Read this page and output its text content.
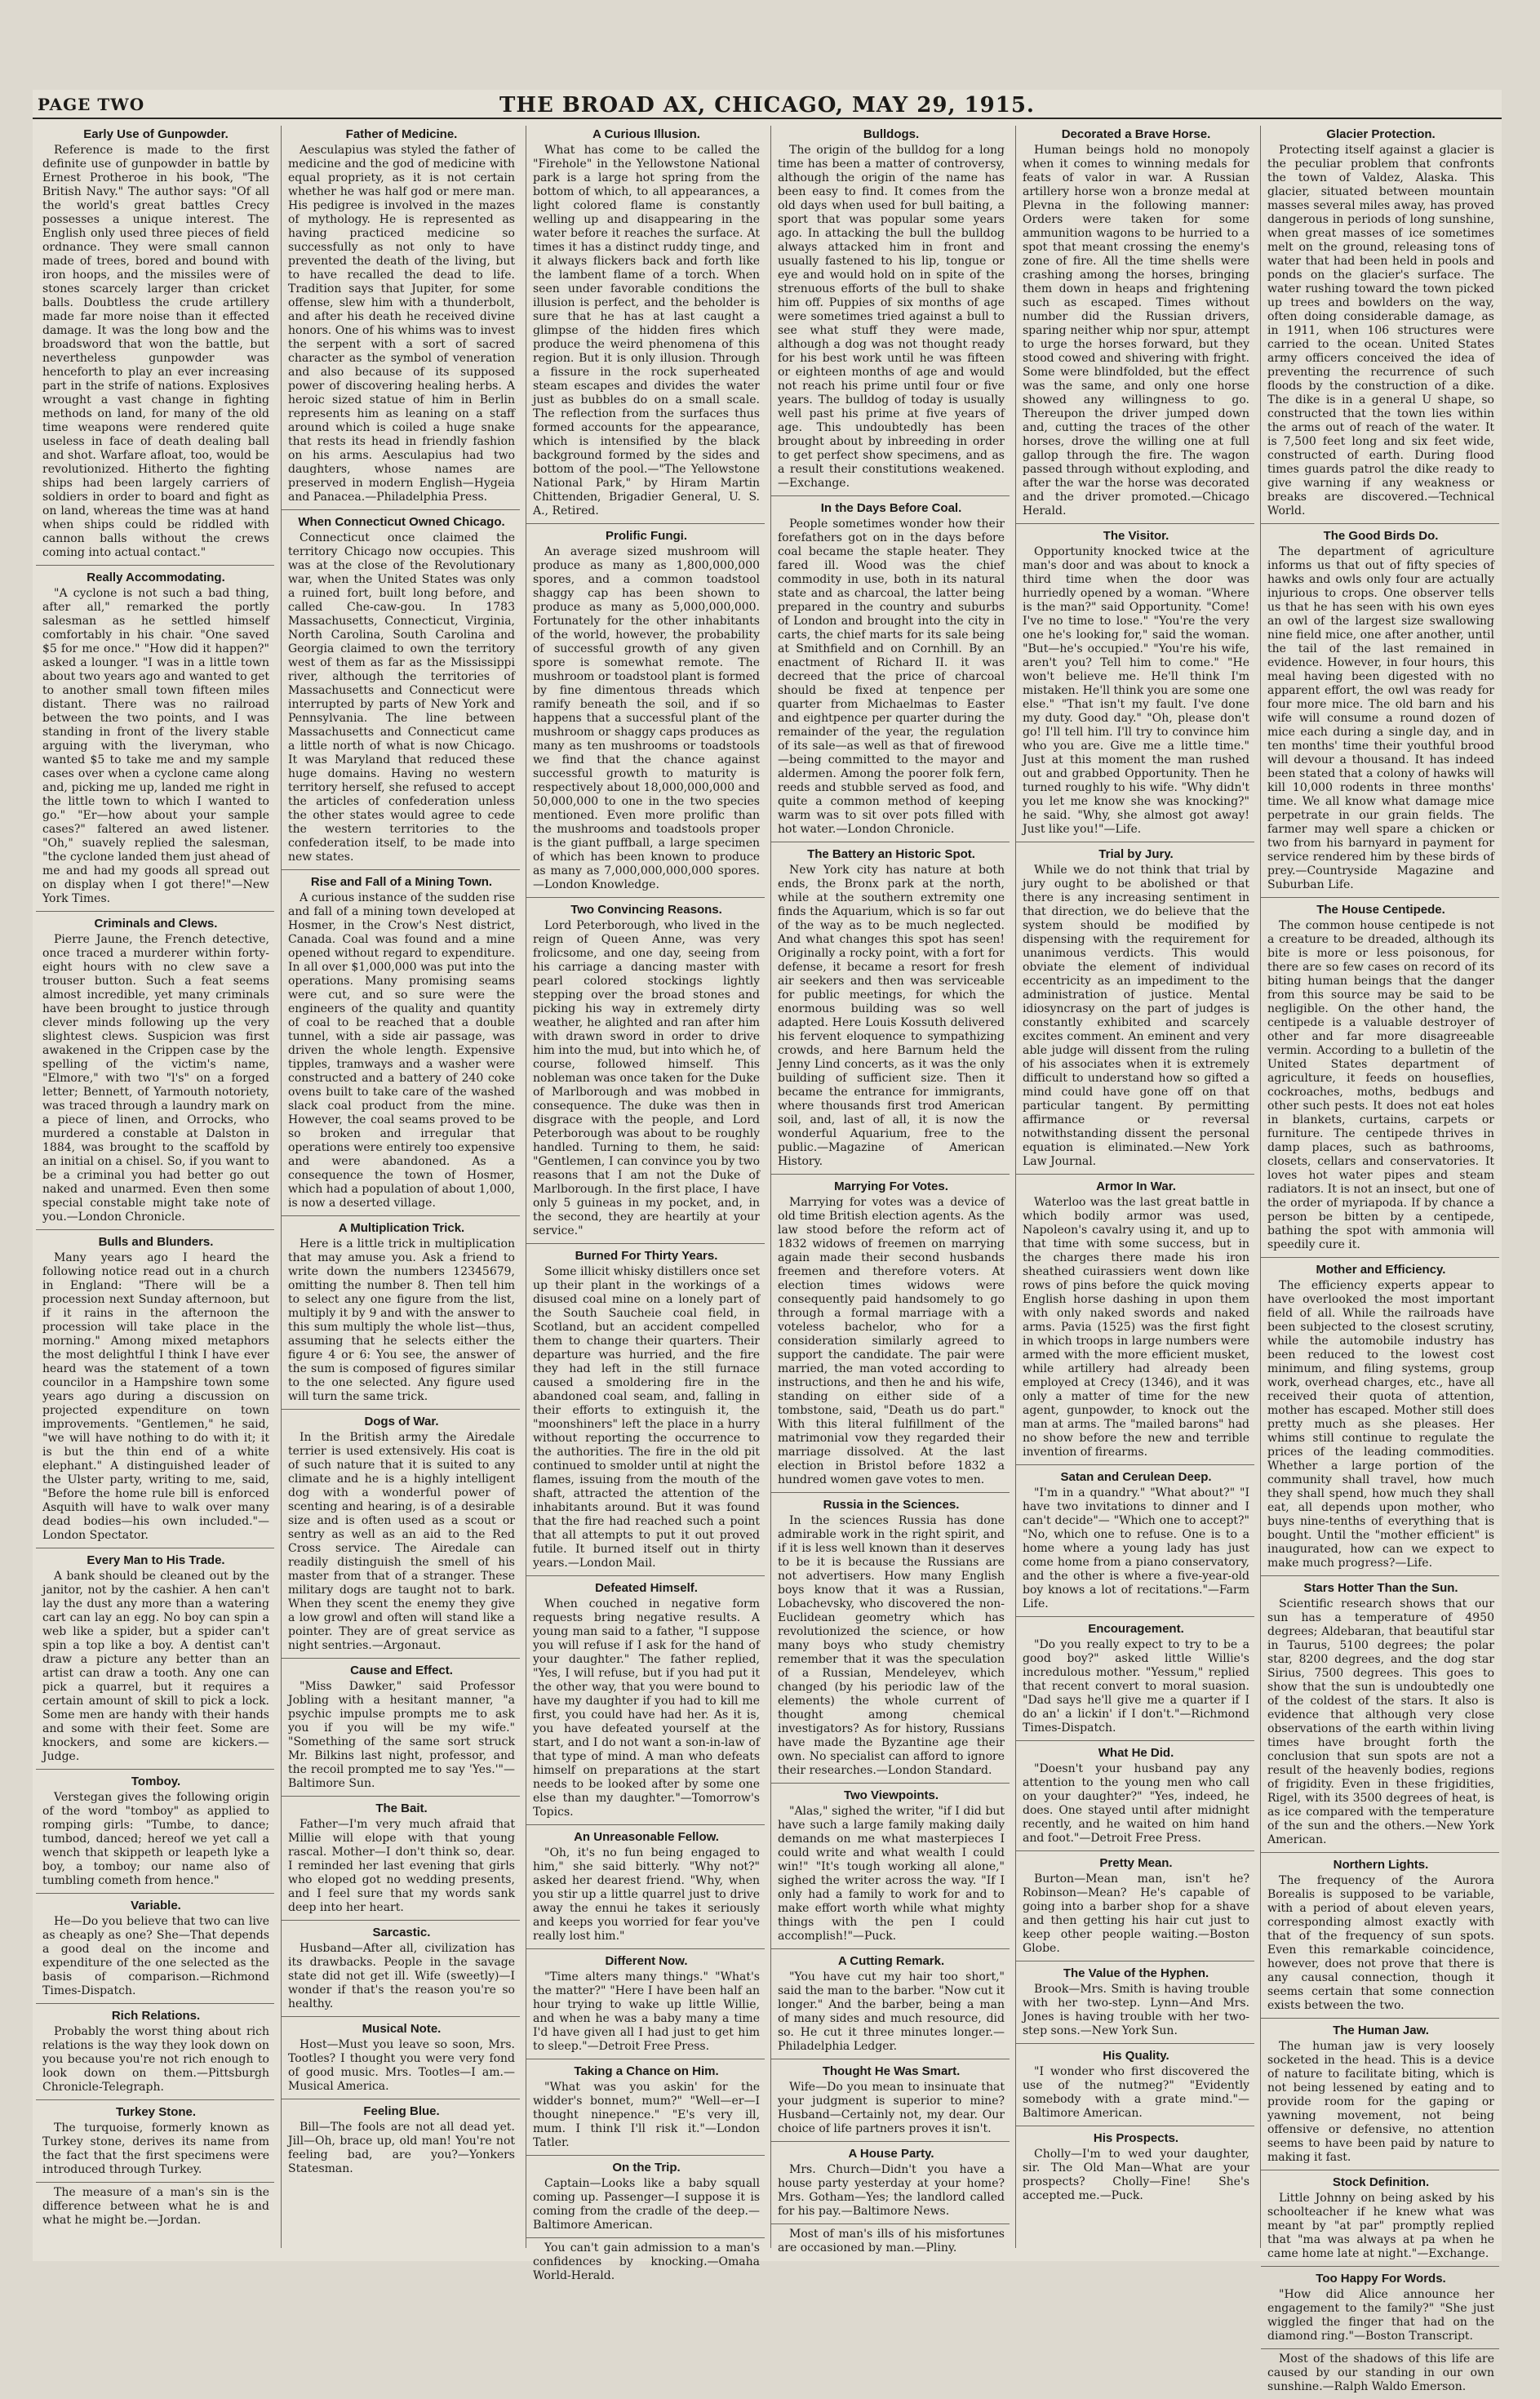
PAGE TWO	THE BROAD AX, CHICAGO, MAY 29, 1915.
Early Use of Gunpowder.

Reference is made to the first definite use of gunpowder in battle by Ernest Protheroe in his book, "The British Navy." The author says: "Of all the world's great battles Crecy possesses a unique interest. The English only used three pieces of field ordnance. They were small cannon made of trees, bored and bound with iron hoops, and the missiles were of stones scarcely larger than cricket balls. Doubtless the crude artillery made far more noise than it effected damage. It was the long bow and the broadsword that won the battle, but nevertheless gunpowder was henceforth to play an ever increasing part in the strife of nations. Explosives wrought a vast change in fighting methods on land, for many of the old time weapons were rendered quite useless in face of death dealing ball and shot. Warfare afloat, too, would be revolutionized. Hitherto the fighting ships had been largely carriers of soldiers in order to board and fight as on land, whereas the time was at hand when ships could be riddled with cannon balls without the crews coming into actual contact."

Really Accommodating.

"A cyclone is not such a bad thing, after all," remarked the portly salesman as he settled himself comfortably in his chair. "One saved $5 for me once." "How did it happen?" asked a lounger. "I was in a little town about two years ago and wanted to get to another small town fifteen miles distant. There was no railroad between the two points, and I was standing in front of the livery stable arguing with the liveryman, who wanted $5 to take me and my sample cases over when a cyclone came along and, picking me up, landed me right in the little town to which I wanted to go." "Er—how about your sample cases?" faltered an awed listener. "Oh," suavely replied the salesman, "the cyclone landed them just ahead of me and had my goods all spread out on display when I got there!"—New York Times.

Criminals and Clews.

Pierre Jaune, the French detective, once traced a murderer within forty-eight hours with no clew save a trouser button. Such a feat seems almost incredible, yet many criminals have been brought to justice through clever minds following up the very slightest clews. Suspicion was first awakened in the Crippen case by the spelling of the victim's name, "Elmore," with two "l's" on a forged letter; Bennett, of Yarmouth notoriety, was traced through a laundry mark on a piece of linen, and Orrocks, who murdered a constable at Dalston in 1884, was brought to the scaffold by an initial on a chisel. So, if you want to be a criminal you had better go out naked and unarmed. Even then some special constable might take note of you.—London Chronicle.

Bulls and Blunders.

Many years ago I heard the following notice read out in a church in England: "There will be a procession next Sunday afternoon, but if it rains in the afternoon the procession will take place in the morning." Among mixed metaphors the most delightful I think I have ever heard was the statement of a town councilor in a Hampshire town some years ago during a discussion on projected expenditure on town improvements. "Gentlemen," he said, "we will have nothing to do with it; it is but the thin end of a white elephant." A distinguished leader of the Ulster party, writing to me, said, "Before the home rule bill is enforced Asquith will have to walk over many dead bodies—his own included."—London Spectator.

Every Man to His Trade.

A bank should be cleaned out by the janitor, not by the cashier. A hen can't lay the dust any more than a watering cart can lay an egg. No boy can spin a web like a spider, but a spider can't spin a top like a boy. A dentist can't draw a picture any better than an artist can draw a tooth. Any one can pick a quarrel, but it requires a certain amount of skill to pick a lock. Some men are handy with their hands and some with their feet. Some are knockers, and some are kickers.—Judge.

Tomboy.

Verstegan gives the following origin of the word "tomboy" as applied to romping girls: "Tumbe, to dance; tumbod, danced; hereof we yet call a wench that skippeth or leapeth lyke a boy, a tomboy; our name also of tumbling cometh from hence."

Variable.

He—Do you believe that two can live as cheaply as one? She—That depends a good deal on the income and expenditure of the one selected as the basis of comparison.—Richmond Times-Dispatch.

Rich Relations.

Probably the worst thing about rich relations is the way they look down on you because you're not rich enough to look down on them.—Pittsburgh Chronicle-Telegraph.

Turkey Stone.

The turquoise, formerly known as Turkey stone, derives its name from the fact that the first specimens were introduced through Turkey.

The measure of a man's sin is the difference between what he is and what he might be.—Jordan.

Father of Medicine.

Aesculapius was styled the father of medicine and the god of medicine with equal propriety, as it is not certain whether he was half god or mere man. His pedigree is involved in the mazes of mythology. He is represented as having practiced medicine so successfully as not only to have prevented the death of the living, but to have recalled the dead to life. Tradition says that Jupiter, for some offense, slew him with a thunderbolt, and after his death he received divine honors. One of his whims was to invest the serpent with a sort of sacred character as the symbol of veneration and also because of its supposed power of discovering healing herbs. A heroic sized statue of him in Berlin represents him as leaning on a staff around which is coiled a huge snake that rests its head in friendly fashion on his arms. Aesculapius had two daughters, whose names are preserved in modern English—Hygeia and Panacea.—Philadelphia Press.

When Connecticut Owned Chicago.

Connecticut once claimed the territory Chicago now occupies. This was at the close of the Revolutionary war, when the United States was only a ruined fort, built long before, and called Che-caw-gou. In 1783 Massachusetts, Connecticut, Virginia, North Carolina, South Carolina and Georgia claimed to own the territory west of them as far as the Mississippi river, although the territories of Massachusetts and Connecticut were interrupted by parts of New York and Pennsylvania. The line between Massachusetts and Connecticut came a little north of what is now Chicago. It was Maryland that reduced these huge domains. Having no western territory herself, she refused to accept the articles of confederation unless the other states would agree to cede the western territories to the confederation itself, to be made into new states.

Rise and Fall of a Mining Town.

A curious instance of the sudden rise and fall of a mining town developed at Hosmer, in the Crow's Nest district, Canada. Coal was found and a mine opened without regard to expenditure. In all over $1,000,000 was put into the operations. Many promising seams were cut, and so sure were the engineers of the quality and quantity of coal to be reached that a double tunnel, with a side air passage, was driven the whole length. Expensive tipples, tramways and a washer were constructed and a battery of 240 coke ovens built to take care of the washed slack coal product from the mine. However, the coal seams proved to be so broken and irregular that operations were entirely too expensive and were abandoned. As a consequence the town of Hosmer, which had a population of about 1,000, is now a deserted village.

A Multiplication Trick.

Here is a little trick in multiplication that may amuse you. Ask a friend to write down the numbers 12345679, omitting the number 8. Then tell him to select any one figure from the list, multiply it by 9 and with the answer to this sum multiply the whole list—thus, assuming that he selects either the figure 4 or 6: You see, the answer of the sum is composed of figures similar to the one selected. Any figure used will turn the same trick.

Dogs of War.

In the British army the Airedale terrier is used extensively. His coat is of such nature that it is suited to any climate and he is a highly intelligent dog with a wonderful power of scenting and hearing, is of a desirable size and is often used as a scout or sentry as well as an aid to the Red Cross service. The Airedale can readily distinguish the smell of his master from that of a stranger. These military dogs are taught not to bark. When they scent the enemy they give a low growl and often will stand like a pointer. They are of great service as night sentries.—Argonaut.

Cause and Effect.

"Miss Dawker," said Professor Jobling with a hesitant manner, "a psychic impulse prompts me to ask you if you will be my wife." "Something of the same sort struck Mr. Bilkins last night, professor, and the recoil prompted me to say 'Yes.'"—Baltimore Sun.

The Bait.

Father—I'm very much afraid that Millie will elope with that young rascal. Mother—I don't think so, dear. I reminded her last evening that girls who eloped got no wedding presents, and I feel sure that my words sank deep into her heart.

Sarcastic.

Husband—After all, civilization has its drawbacks. People in the savage state did not get ill. Wife (sweetly)—I wonder if that's the reason you're so healthy.

Musical Note.

Host—Must you leave so soon, Mrs. Tootles? I thought you were very fond of good music. Mrs. Tootles—I am.—Musical America.

Feeling Blue.

Bill—The fools are not all dead yet. Jill—Oh, brace up, old man! You're not feeling bad, are you?—Yonkers Statesman.

A Curious Illusion.

What has come to be called the "Firehole" in the Yellowstone National park is a large hot spring from the bottom of which, to all appearances, a light colored flame is constantly welling up and disappearing in the water before it reaches the surface. At times it has a distinct ruddy tinge, and it always flickers back and forth like the lambent flame of a torch. When seen under favorable conditions the illusion is perfect, and the beholder is sure that he has at last caught a glimpse of the hidden fires which produce the weird phenomena of this region. But it is only illusion. Through a fissure in the rock superheated steam escapes and divides the water just as bubbles do on a small scale. The reflection from the surfaces thus formed accounts for the appearance, which is intensified by the black background formed by the sides and bottom of the pool.—"The Yellowstone National Park," by Hiram Martin Chittenden, Brigadier General, U. S. A., Retired.

Prolific Fungi.

An average sized mushroom will produce as many as 1,800,000,000 spores, and a common toadstool shaggy cap has been shown to produce as many as 5,000,000,000. Fortunately for the other inhabitants of the world, however, the probability of successful growth of any given spore is somewhat remote. The mushroom or toadstool plant is formed by fine dimentous threads which ramify beneath the soil, and if so happens that a successful plant of the mushroom or shaggy caps produces as many as ten mushrooms or toadstools we find that the chance against successful growth to maturity is respectively about 18,000,000,000 and 50,000,000 to one in the two species mentioned. Even more prolific than the mushrooms and toadstools proper is the giant puffball, a large specimen of which has been known to produce as many as 7,000,000,000,000 spores.—London Knowledge.

Two Convincing Reasons.

Lord Peterborough, who lived in the reign of Queen Anne, was very frolicsome, and one day, seeing from his carriage a dancing master with pearl colored stockings lightly stepping over the broad stones and picking his way in extremely dirty weather, he alighted and ran after him with drawn sword in order to drive him into the mud, but into which he, of course, followed himself. This nobleman was once taken for the Duke of Marlborough and was mobbed in consequence. The duke was then in disgrace with the people, and Lord Peterborough was about to be roughly handled. Turning to them, he said: "Gentlemen, I can convince you by two reasons that I am not the Duke of Marlborough. In the first place, I have only 5 guineas in my pocket, and, in the second, they are heartily at your service."

Burned For Thirty Years.

Some illicit whisky distillers once set up their plant in the workings of a disused coal mine on a lonely part of the South Saucheie coal field, in Scotland, but an accident compelled them to change their quarters. Their departure was hurried, and the fire they had left in the still furnace caused a smoldering fire in the abandoned coal seam, and, falling in their efforts to extinguish it, the "moonshiners" left the place in a hurry without reporting the occurrence to the authorities. The fire in the old pit continued to smolder until at night the flames, issuing from the mouth of the shaft, attracted the attention of the inhabitants around. But it was found that the fire had reached such a point that all attempts to put it out proved futile. It burned itself out in thirty years.—London Mail.

Defeated Himself.

When couched in negative form requests bring negative results. A young man said to a father, "I suppose you will refuse if I ask for the hand of your daughter." The father replied, "Yes, I will refuse, but if you had put it the other way, that you were bound to have my daughter if you had to kill me first, you could have had her. As it is, you have defeated yourself at the start, and I do not want a son-in-law of that type of mind. A man who defeats himself on preparations at the start needs to be looked after by some one else than my daughter."—Tomorrow's Topics.

An Unreasonable Fellow.

"Oh, it's no fun being engaged to him," she said bitterly. "Why not?" asked her dearest friend. "Why, when you stir up a little quarrel just to drive away the ennui he takes it seriously and keeps you worried for fear you've really lost him."

Different Now.

"Time alters many things." "What's the matter?" "Here I have been half an hour trying to wake up little Willie, and when he was a baby many a time I'd have given all I had just to get him to sleep."—Detroit Free Press.

Taking a Chance on Him.

"What was you askin' for the widder's bonnet, mum?" "Well—er—I thought ninepence." "E's very ill, mum. I think I'll risk it."—London Tatler.

On the Trip.

Captain—Looks like a baby squall coming up. Passenger—I suppose it is coming from the cradle of the deep.—Baltimore American.

You can't gain admission to a man's confidences by knocking.—Omaha World-Herald.

Bulldogs.

The origin of the bulldog for a long time has been a matter of controversy, although the origin of the name has been easy to find. It comes from the old days when used for bull baiting, a sport that was popular some years ago. In attacking the bull the bulldog always attacked him in front and usually fastened to his lip, tongue or eye and would hold on in spite of the strenuous efforts of the bull to shake him off. Puppies of six months of age were sometimes tried against a bull to see what stuff they were made, although a dog was not thought ready for his best work until he was fifteen or eighteen months of age and would not reach his prime until four or five years. The bulldog of today is usually well past his prime at five years of age. This undoubtedly has been brought about by inbreeding in order to get perfect show specimens, and as a result their constitutions weakened.—Exchange.

In the Days Before Coal.

People sometimes wonder how their forefathers got on in the days before coal became the staple heater. They fared ill. Wood was the chief commodity in use, both in its natural state and as charcoal, the latter being prepared in the country and suburbs of London and brought into the city in carts, the chief marts for its sale being at Smithfield and on Cornhill. By an enactment of Richard II. it was decreed that the price of charcoal should be fixed at tenpence per quarter from Michaelmas to Easter and eightpence per quarter during the remainder of the year, the regulation of its sale—as well as that of firewood—being committed to the mayor and aldermen. Among the poorer folk fern, reeds and stubble served as food, and quite a common method of keeping warm was to sit over pots filled with hot water.—London Chronicle.

The Battery an Historic Spot.

New York city has nature at both ends, the Bronx park at the north, while at the southern extremity one finds the Aquarium, which is so far out of the way as to be much neglected. And what changes this spot has seen! Originally a rocky point, with a fort for defense, it became a resort for fresh air seekers and then was serviceable for public meetings, for which the enormous building was so well adapted. Here Louis Kossuth delivered his fervent eloquence to sympathizing crowds, and here Barnum held the Jenny Lind concerts, as it was the only building of sufficient size. Then it became the entrance for immigrants, where thousands first trod American soil, and, last of all, it is now the wonderful Aquarium, free to the public.—Magazine of American History.

Marrying For Votes.

Marrying for votes was a device of old time British election agents. As the law stood before the reform act of 1832 widows of freemen on marrying again made their second husbands freemen and therefore voters. At election times widows were consequently paid handsomely to go through a formal marriage with a voteless bachelor, who for a consideration similarly agreed to support the candidate. The pair were married, the man voted according to instructions, and then he and his wife, standing on either side of a tombstone, said, "Death us do part." With this literal fulfillment of the matrimonial vow they regarded their marriage dissolved. At the last election in Bristol before 1832 a hundred women gave votes to men.

Russia in the Sciences.

In the sciences Russia has done admirable work in the right spirit, and if it is less well known than it deserves to be it is because the Russians are not advertisers. How many English boys know that it was a Russian, Lobachevsky, who discovered the non-Euclidean geometry which has revolutionized the science, or how many boys who study chemistry remember that it was the speculation of a Russian, Mendeleyev, which changed (by his periodic law of the elements) the whole current of thought among chemical investigators? As for history, Russians have made the Byzantine age their own. No specialist can afford to ignore their researches.—London Standard.

Two Viewpoints.

"Alas," sighed the writer, "if I did but have such a large family making daily demands on me what masterpieces I could write and what wealth I could win!" "It's tough working all alone," sighed the writer across the way. "If I only had a family to work for and to make effort worth while what mighty things with the pen I could accomplish!"—Puck.

A Cutting Remark.

"You have cut my hair too short," said the man to the barber. "Now cut it longer." And the barber, being a man of many sides and much resource, did so. He cut it three minutes longer.—Philadelphia Ledger.

Thought He Was Smart.

Wife—Do you mean to insinuate that your judgment is superior to mine? Husband—Certainly not, my dear. Our choice of life partners proves it isn't.

A House Party.

Mrs. Church—Didn't you have a house party yesterday at your home? Mrs. Gotham—Yes; the landlord called for his pay.—Baltimore News.

Most of man's ills of his misfortunes are occasioned by man.—Pliny.

Decorated a Brave Horse.

Human beings hold no monopoly when it comes to winning medals for feats of valor in war. A Russian artillery horse won a bronze medal at Plevna in the following manner: Orders were taken for some ammunition wagons to be hurried to a spot that meant crossing the enemy's zone of fire. All the time shells were crashing among the horses, bringing them down in heaps and frightening such as escaped. Times without number did the Russian drivers, sparing neither whip nor spur, attempt to urge the horses forward, but they stood cowed and shivering with fright. Some were blindfolded, but the effect was the same, and only one horse showed any willingness to go. Thereupon the driver jumped down and, cutting the traces of the other horses, drove the willing one at full gallop through the fire. The wagon passed through without exploding, and after the war the horse was decorated and the driver promoted.—Chicago Herald.

The Visitor.

Opportunity knocked twice at the man's door and was about to knock a third time when the door was hurriedly opened by a woman. "Where is the man?" said Opportunity. "Come! I've no time to lose." "You're the very one he's looking for," said the woman. "But—he's occupied." "You're his wife, aren't you? Tell him to come." "He won't believe me. He'll think I'm mistaken. He'll think you are some one else." "That isn't my fault. I've done my duty. Good day." "Oh, please don't go! I'll tell him. I'll try to convince him who you are. Give me a little time." Just at this moment the man rushed out and grabbed Opportunity. Then he turned roughly to his wife. "Why didn't you let me know she was knocking?" he said. "Why, she almost got away! Just like you!"—Life.

Trial by Jury.

While we do not think that trial by jury ought to be abolished or that there is any increasing sentiment in that direction, we do believe that the system should be modified by dispensing with the requirement for unanimous verdicts. This would obviate the element of individual eccentricity as an impediment to the administration of justice. Mental idiosyncrasy on the part of judges is constantly exhibited and scarcely excites comment. An eminent and very able judge will dissent from the ruling of his associates when it is extremely difficult to understand how so gifted a mind could have gone off on that particular tangent. By permitting affirmance or reversal notwithstanding dissent the personal equation is eliminated.—New York Law Journal.

Armor In War.

Waterloo was the last great battle in which bodily armor was used, Napoleon's cavalry using it, and up to that time with some success, but in the charges there made his iron sheathed cuirassiers went down like rows of pins before the quick moving English horse dashing in upon them with only naked swords and naked arms. Pavia (1525) was the first fight in which troops in large numbers were armed with the more efficient musket, while artillery had already been employed at Crecy (1346), and it was only a matter of time for the new agent, gunpowder, to knock out the man at arms. The "mailed barons" had no show before the new and terrible invention of firearms.

Satan and Cerulean Deep.

"I'm in a quandry." "What about?" "I have two invitations to dinner and I can't decide"— "Which one to accept?" "No, which one to refuse. One is to a home where a young lady has just come home from a piano conservatory, and the other is where a five-year-old boy knows a lot of recitations."—Farm Life.

Encouragement.

"Do you really expect to try to be a good boy?" asked little Willie's incredulous mother. "Yessum," replied that recent convert to moral suasion. "Dad says he'll give me a quarter if I do an' a lickin' if I don't."—Richmond Times-Dispatch.

What He Did.

"Doesn't your husband pay any attention to the young men who call on your daughter?" "Yes, indeed, he does. One stayed until after midnight recently, and he waited on him hand and foot."—Detroit Free Press.

Pretty Mean.

Burton—Mean man, isn't he? Robinson—Mean? He's capable of going into a barber shop for a shave and then getting his hair cut just to keep other people waiting.—Boston Globe.

The Value of the Hyphen.

Brook—Mrs. Smith is having trouble with her two-step. Lynn—And Mrs. Jones is having trouble with her two-step sons.—New York Sun.

His Quality.

"I wonder who first discovered the use of the nutmeg?" "Evidently somebody with a grate mind."—Baltimore American.

His Prospects.

Cholly—I'm to wed your daughter, sir. The Old Man—What are your prospects? Cholly—Fine! She's accepted me.—Puck.

Glacier Protection.

Protecting itself against a glacier is the peculiar problem that confronts the town of Valdez, Alaska. This glacier, situated between mountain masses several miles away, has proved dangerous in periods of long sunshine, when great masses of ice sometimes melt on the ground, releasing tons of water that had been held in pools and ponds on the glacier's surface. The water rushing toward the town picked up trees and bowlders on the way, often doing considerable damage, as in 1911, when 106 structures were carried to the ocean. United States army officers conceived the idea of preventing the recurrence of such floods by the construction of a dike. The dike is in a general U shape, so constructed that the town lies within the arms out of reach of the water. It is 7,500 feet long and six feet wide, constructed of earth. During flood times guards patrol the dike ready to give warning if any weakness or breaks are discovered.—Technical World.

The Good Birds Do.

The department of agriculture informs us that out of fifty species of hawks and owls only four are actually injurious to crops. One observer tells us that he has seen with his own eyes an owl of the largest size swallowing nine field mice, one after another, until the tail of the last remained in evidence. However, in four hours, this meal having been digested with no apparent effort, the owl was ready for four more mice. The old barn and his wife will consume a round dozen of mice each during a single day, and in ten months' time their youthful brood will devour a thousand. It has indeed been stated that a colony of hawks will kill 10,000 rodents in three months' time. We all know what damage mice perpetrate in our grain fields. The farmer may well spare a chicken or two from his barnyard in payment for service rendered him by these birds of prey.—Countryside Magazine and Suburban Life.

The House Centipede.

The common house centipede is not a creature to be dreaded, although its bite is more or less poisonous, for there are so few cases on record of its biting human beings that the danger from this source may be said to be negligible. On the other hand, the centipede is a valuable destroyer of other and far more disagreeable vermin. According to a bulletin of the United States department of agriculture, it feeds on houseflies, cockroaches, moths, bedbugs and other such pests. It does not eat holes in blankets, curtains, carpets or furniture. The centipede thrives in damp places, such as bathrooms, closets, cellars and conservatories. It loves hot water pipes and steam radiators. It is not an insect, but one of the order of myriapoda. If by chance a person be bitten by a centipede, bathing the spot with ammonia will speedily cure it.

Mother and Efficiency.

The efficiency experts appear to have overlooked the most important field of all. While the railroads have been subjected to the closest scrutiny, while the automobile industry has been reduced to the lowest cost minimum, and filing systems, group work, overhead charges, etc., have all received their quota of attention, mother has escaped. Mother still does pretty much as she pleases. Her whims still continue to regulate the prices of the leading commodities. Whether a large portion of the community shall travel, how much they shall spend, how much they shall eat, all depends upon mother, who buys nine-tenths of everything that is bought. Until the "mother efficient" is inaugurated, how can we expect to make much progress?—Life.

Stars Hotter Than the Sun.

Scientific research shows that our sun has a temperature of 4950 degrees; Aldebaran, that beautiful star in Taurus, 5100 degrees; the polar star, 8200 degrees, and the dog star Sirius, 7500 degrees. This goes to show that the sun is undoubtedly one of the coldest of the stars. It also is evidence that although very close observations of the earth within living times have brought forth the conclusion that sun spots are not a result of the heavenly bodies, regions of frigidity. Even in these frigidities, Rigel, with its 3500 degrees of heat, is as ice compared with the temperature of the sun and the others.—New York American.

Northern Lights.

The frequency of the Aurora Borealis is supposed to be variable, with a period of about eleven years, corresponding almost exactly with that of the frequency of sun spots. Even this remarkable coincidence, however, does not prove that there is any causal connection, though it seems certain that some connection exists between the two.

The Human Jaw.

The human jaw is very loosely socketed in the head. This is a device of nature to facilitate biting, which is not being lessened by eating and to provide room for the gaping or yawning movement, not being offensive or defensive, no attention seems to have been paid by nature to making it fast.

Stock Definition.

Little Johnny on being asked by his schoolteacher if he knew what was meant by "at par" promptly replied that "ma was always at pa when he came home late at night."—Exchange.

Too Happy For Words.

"How did Alice announce her engagement to the family?" "She just wiggled the finger that had on the diamond ring."—Boston Transcript.

Most of the shadows of this life are caused by our standing in our own sunshine.—Ralph Waldo Emerson.
